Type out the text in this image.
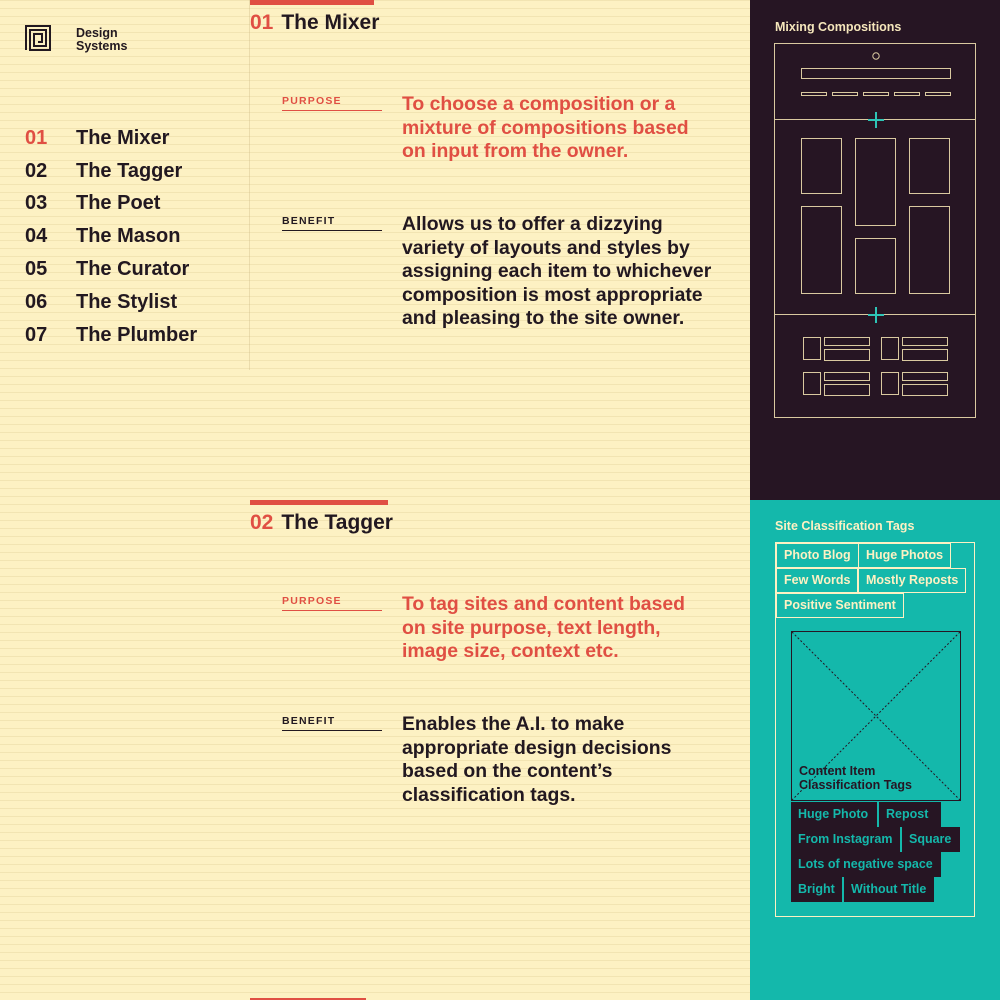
Design Systems
01	The Mixer
02	The Tagger
03	The Poet
04	The Mason
05	The Curator
06	The Stylist
07	The Plumber
01 The Mixer
PURPOSE	To choose a composition or a mixture of compositions based on input from the owner.
BENEFIT	Allows us to offer a dizzying variety of layouts and styles by assigning each item to whichever composition is most appropriate and pleasing to the site owner.
02 The Tagger
PURPOSE	To tag sites and content based on site purpose, text length, image size, context etc.
BENEFIT	Enables the A.I. to make appropriate design decisions based on the content’s classification tags.
Mixing Compositions
Site Classification Tags
Photo Blog	Huge Photos
Few Words	Mostly Reposts
Positive Sentiment
Content Item Classification Tags
Huge Photo	Repost
From Instagram	Square
Lots of negative space
Bright	Without Title
